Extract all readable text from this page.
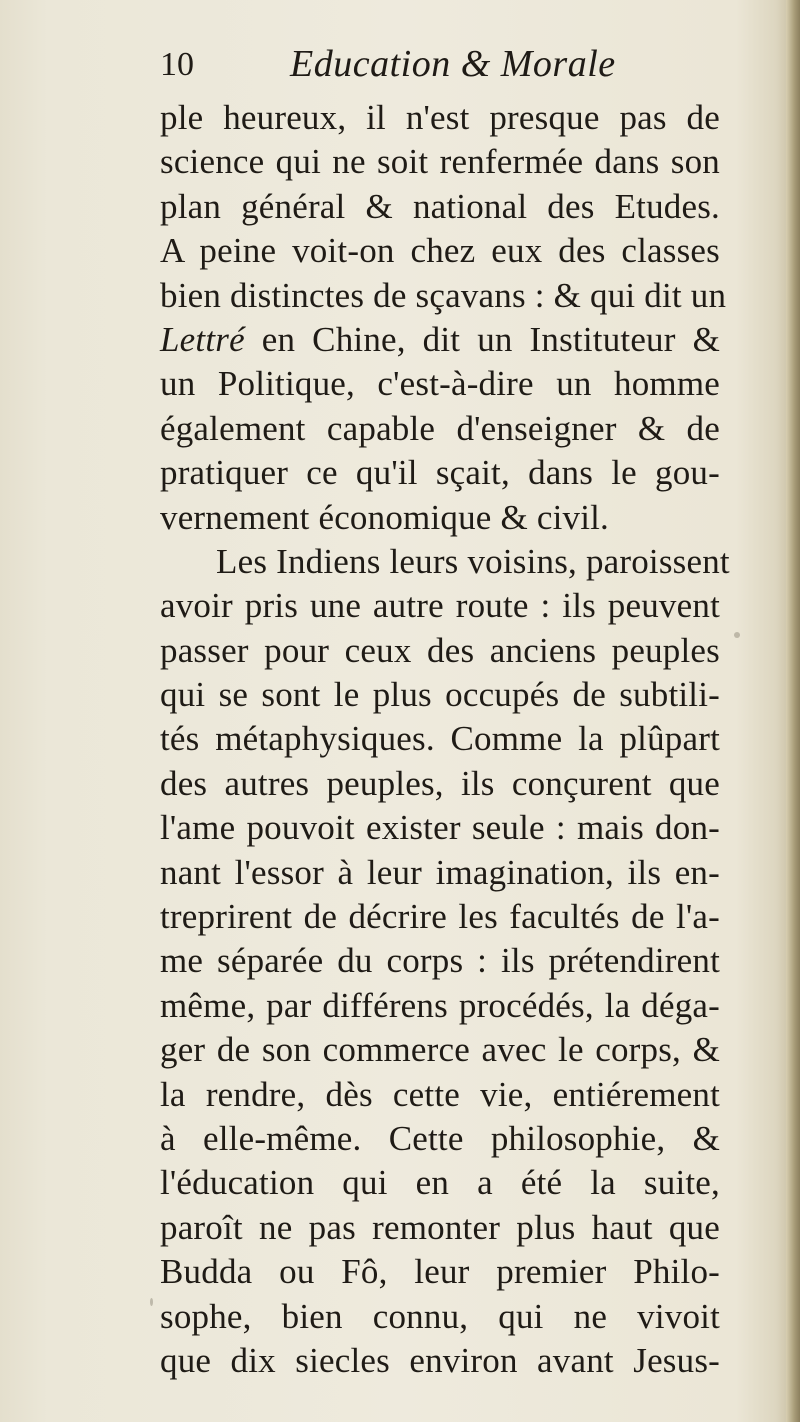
10	Education & Morale
ple heureux, il n'est presque pas de
science qui ne soit renfermée dans son
plan général & national des Etudes.
A peine voit-on chez eux des classes
bien distinctes de sçavans : & qui dit un
Lettré en Chine, dit un Instituteur &
un Politique, c'est-à-dire un homme
également capable d'enseigner & de
pratiquer ce qu'il sçait, dans le gou-
vernement économique & civil.
Les Indiens leurs voisins, paroissent
avoir pris une autre route : ils peuvent
passer pour ceux des anciens peuples
qui se sont le plus occupés de subtili-
tés métaphysiques. Comme la plûpart
des autres peuples, ils conçurent que
l'ame pouvoit exister seule : mais don-
nant l'essor à leur imagination, ils en-
treprirent de décrire les facultés de l'a-
me séparée du corps : ils prétendirent
même, par différens procédés, la déga-
ger de son commerce avec le corps, &
la rendre, dès cette vie, entiérement
à elle-même. Cette philosophie, &
l'éducation qui en a été la suite,
paroît ne pas remonter plus haut que
Budda ou Fô, leur premier Philo-
sophe, bien connu, qui ne vivoit
que dix siecles environ avant Jesus-
